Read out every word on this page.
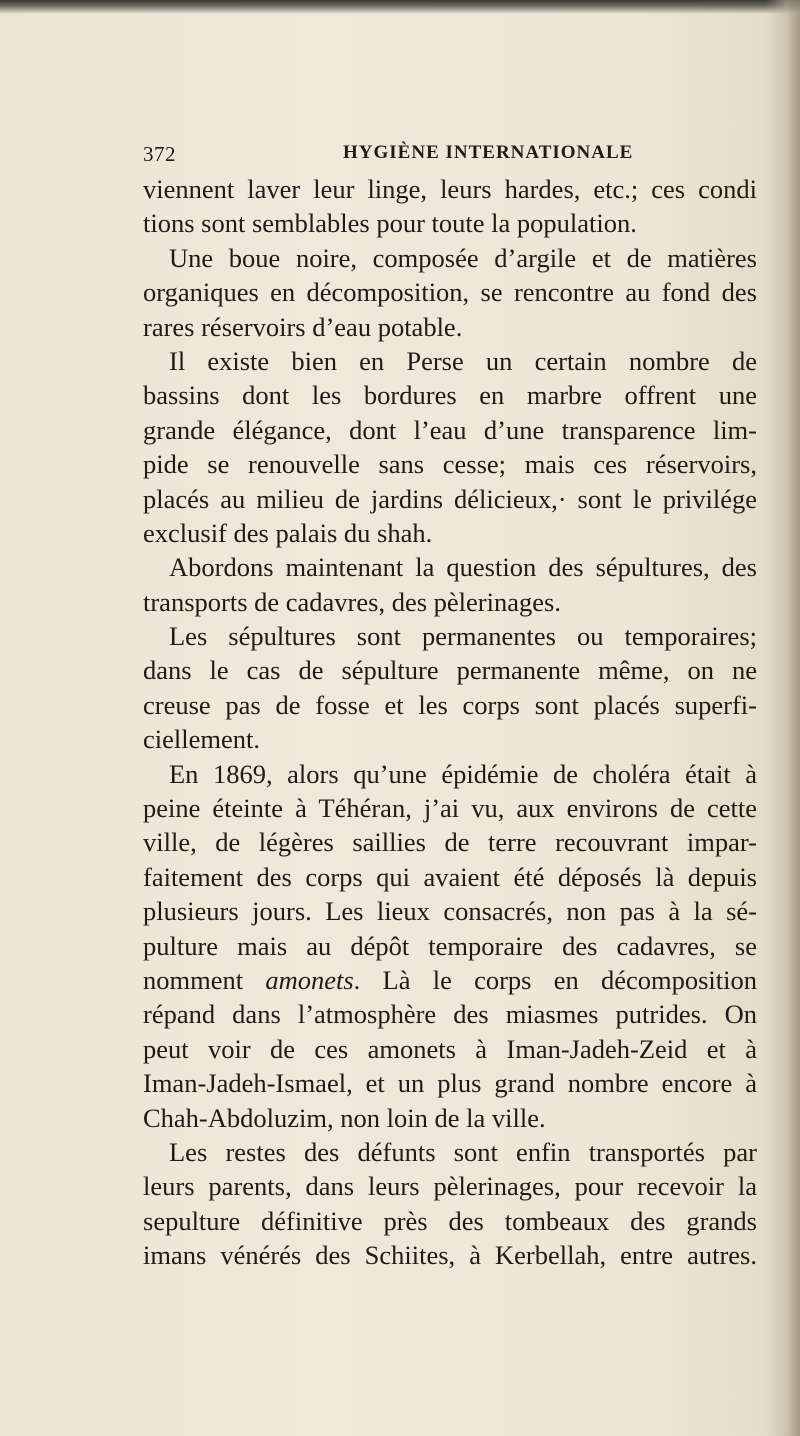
372	HYGIÈNE INTERNATIONALE
viennent laver leur linge, leurs hardes, etc.; ces condi
tions sont semblables pour toute la population.
Une boue noire, composée d’argile et de matières
organiques en décomposition, se rencontre au fond des
rares réservoirs d’eau potable.
Il existe bien en Perse un certain nombre de
bassins dont les bordures en marbre offrent une
grande élégance, dont l’eau d’une transparence lim-
pide se renouvelle sans cesse; mais ces réservoirs,
placés au milieu de jardins délicieux,· sont le privilége
exclusif des palais du shah.
Abordons maintenant la question des sépultures, des
transports de cadavres, des pèlerinages.
Les sépultures sont permanentes ou temporaires;
dans le cas de sépulture permanente même, on ne
creuse pas de fosse et les corps sont placés superfi-
ciellement.
En 1869, alors qu’une épidémie de choléra était à
peine éteinte à Téhéran, j’ai vu, aux environs de cette
ville, de légères saillies de terre recouvrant impar-
faitement des corps qui avaient été déposés là depuis
plusieurs jours. Les lieux consacrés, non pas à la sé-
pulture mais au dépôt temporaire des cadavres, se
nomment amonets. Là le corps en décomposition
répand dans l’atmosphère des miasmes putrides. On
peut voir de ces amonets à Iman-Jadeh-Zeid et à
Iman-Jadeh-Ismael, et un plus grand nombre encore à
Chah-Abdoluzim, non loin de la ville.
Les restes des défunts sont enfin transportés par
leurs parents, dans leurs pèlerinages, pour recevoir la
sepulture définitive près des tombeaux des grands
imans vénérés des Schiites, à Kerbellah, entre autres.
